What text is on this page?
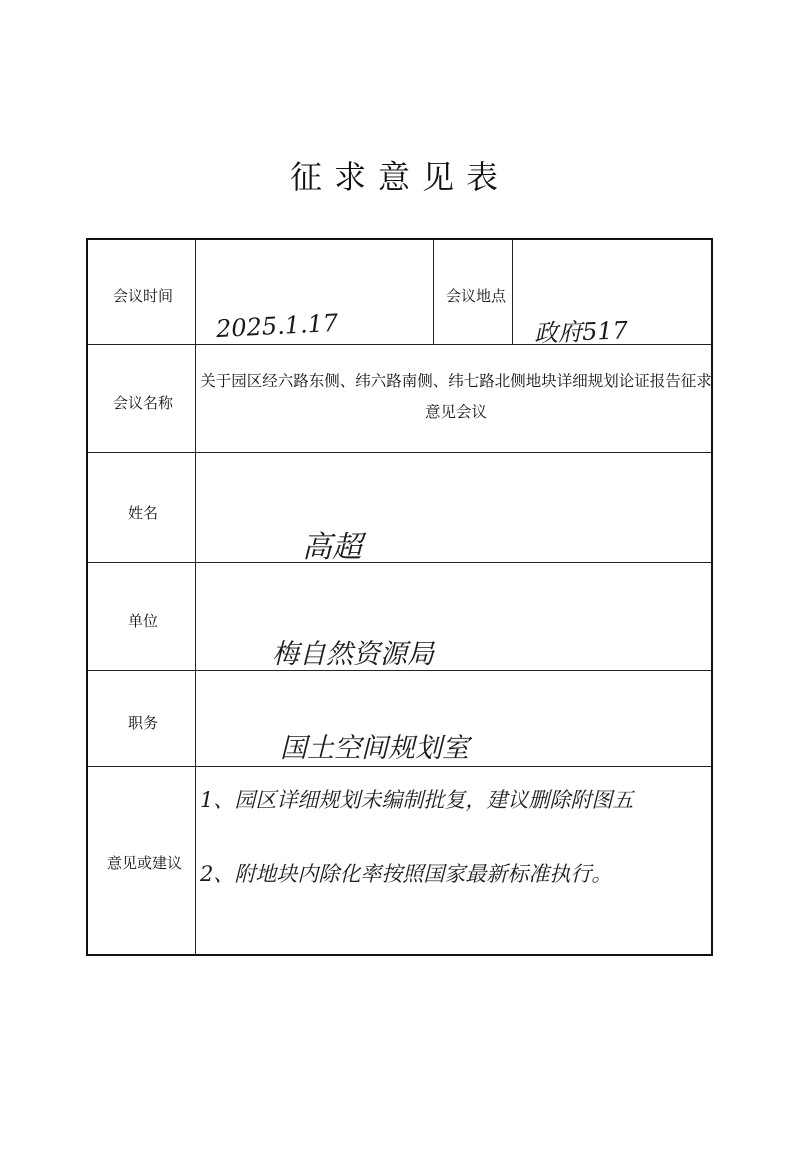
征求意见表
会议时间
2025.1.17
会议地点
政府517
会议名称
关于园区经六路东侧、纬六路南侧、纬七路北侧地块详细规划论证报告征求意见会议
姓名
高超
单位
梅自然资源局
职务
国土空间规划室
意见或建议
1、园区详细规划未编制批复，建议删除附图五
2、附地块内除化率按照国家最新标准执行。
